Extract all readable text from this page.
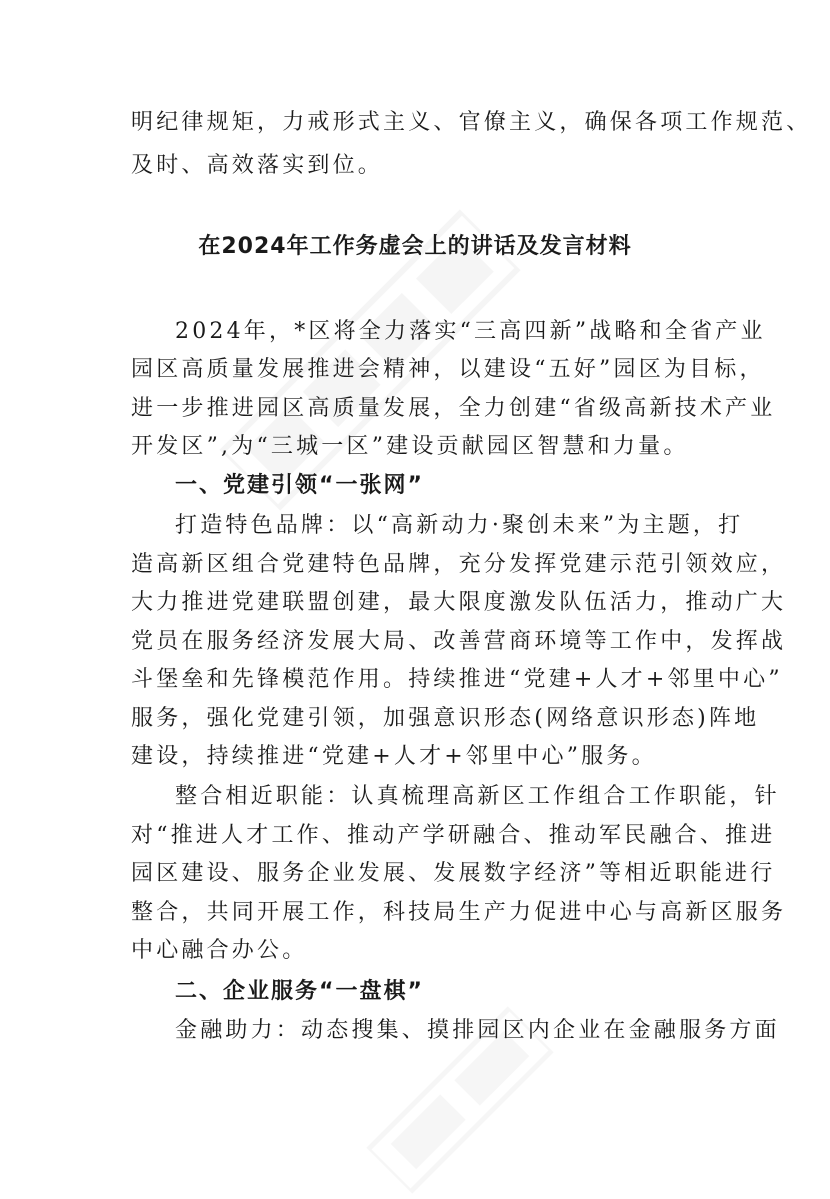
明纪律规矩，力戒形式主义、官僚主义，确保各项工作规范、
及时、高效落实到位。
在2024年工作务虚会上的讲话及发言材料
2024年，*区将全力落实“三高四新”战略和全省产业
园区高质量发展推进会精神，以建设“五好”园区为目标，
进一步推进园区高质量发展，全力创建“省级高新技术产业
开发区”,为“三城一区”建设贡献园区智慧和力量。
一、党建引领“一张网”
打造特色品牌：以“高新动力·聚创未来”为主题，打
造高新区组合党建特色品牌，充分发挥党建示范引领效应，
大力推进党建联盟创建，最大限度激发队伍活力，推动广大
党员在服务经济发展大局、改善营商环境等工作中，发挥战
斗堡垒和先锋模范作用。持续推进“党建+人才+邻里中心”
服务，强化党建引领，加强意识形态(网络意识形态)阵地
建设，持续推进“党建+人才+邻里中心”服务。
整合相近职能：认真梳理高新区工作组合工作职能，针
对“推进人才工作、推动产学研融合、推动军民融合、推进
园区建设、服务企业发展、发展数字经济”等相近职能进行
整合，共同开展工作，科技局生产力促进中心与高新区服务
中心融合办公。
二、企业服务“一盘棋”
金融助力：动态搜集、摸排园区内企业在金融服务方面
